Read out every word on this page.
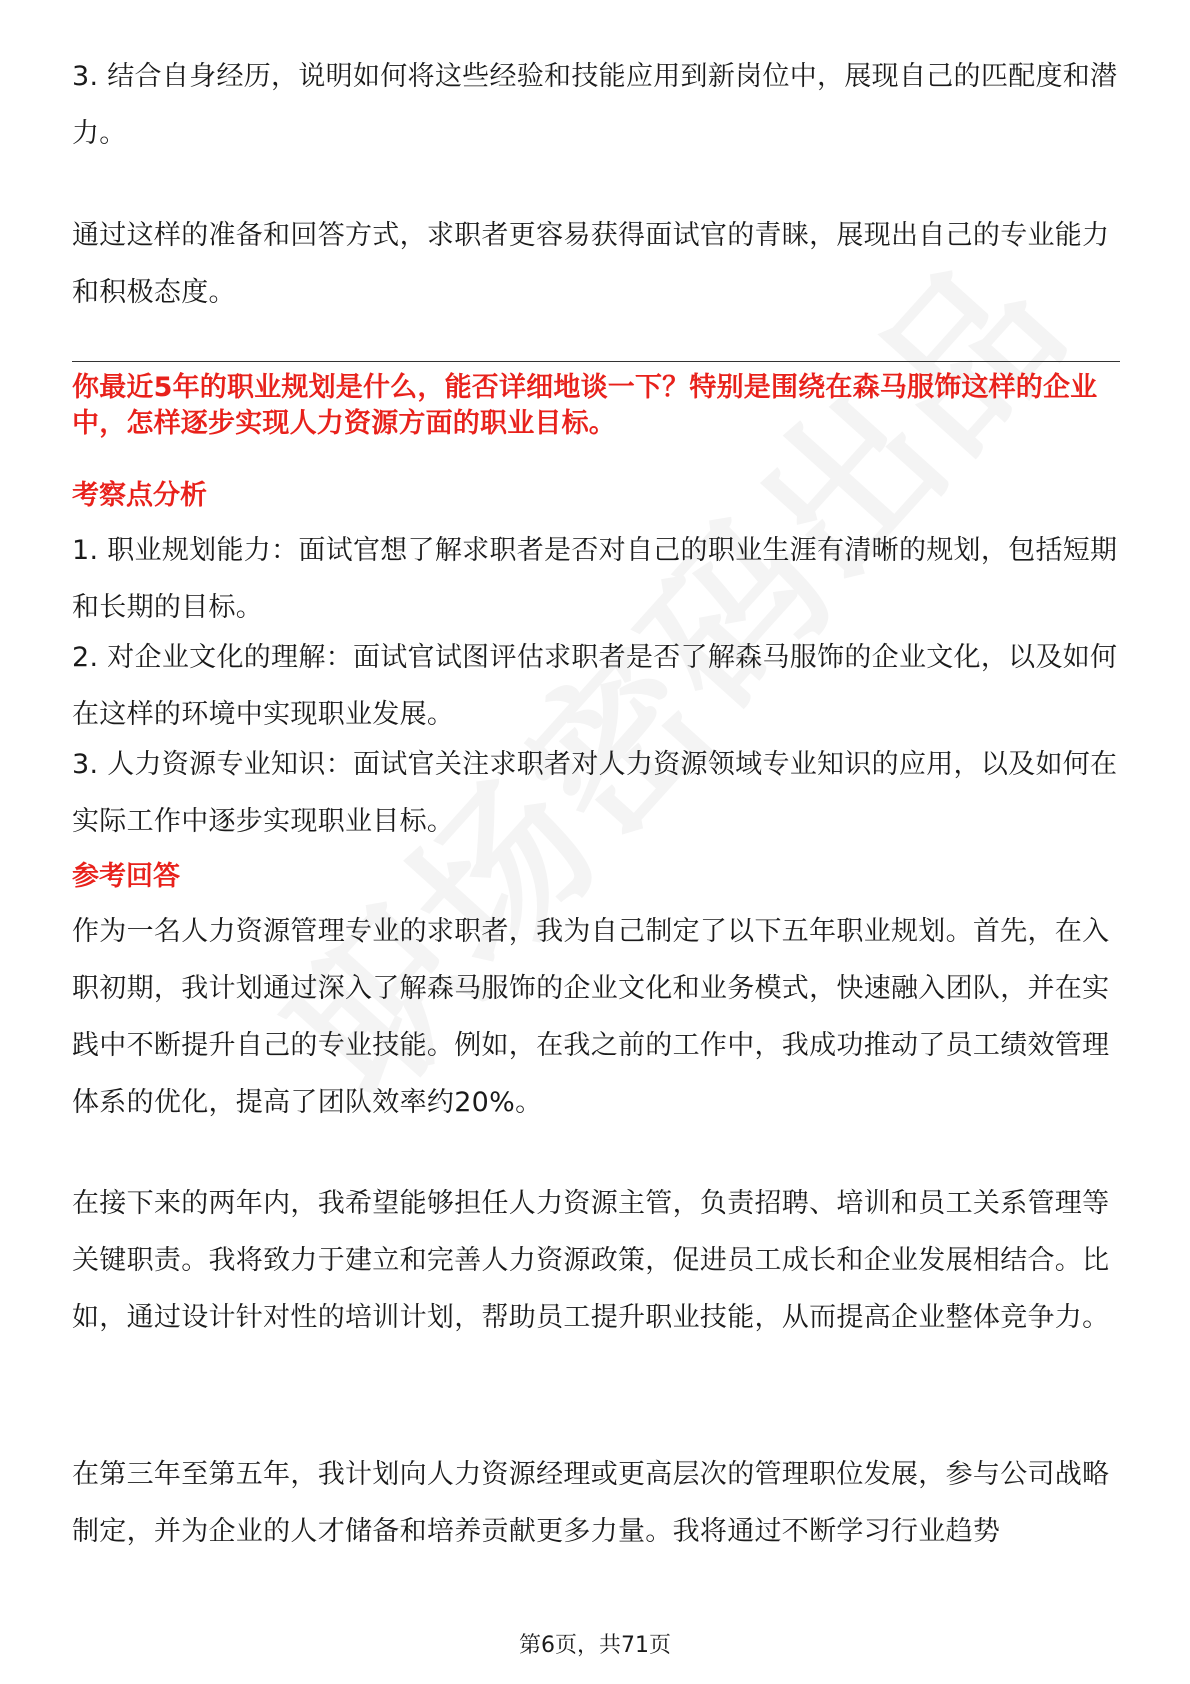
3. 结合自身经历，说明如何将这些经验和技能应用到新岗位中，展现自己的匹配度和潜力。

通过这样的准备和回答方式，求职者更容易获得面试官的青睐，展现出自己的专业能力和积极态度。

你最近5年的职业规划是什么，能否详细地谈一下？特别是围绕在森马服饰这样的企业中，怎样逐步实现人力资源方面的职业目标。

考察点分析

1. 职业规划能力：面试官想了解求职者是否对自己的职业生涯有清晰的规划，包括短期和长期的目标。

2. 对企业文化的理解：面试官试图评估求职者是否了解森马服饰的企业文化，以及如何在这样的环境中实现职业发展。

3. 人力资源专业知识：面试官关注求职者对人力资源领域专业知识的应用，以及如何在实际工作中逐步实现职业目标。

参考回答

作为一名人力资源管理专业的求职者，我为自己制定了以下五年职业规划。首先，在入职初期，我计划通过深入了解森马服饰的企业文化和业务模式，快速融入团队，并在实践中不断提升自己的专业技能。例如，在我之前的工作中，我成功推动了员工绩效管理体系的优化，提高了团队效率约20%。

在接下来的两年内，我希望能够担任人力资源主管，负责招聘、培训和员工关系管理等关键职责。我将致力于建立和完善人力资源政策，促进员工成长和企业发展相结合。比如，通过设计针对性的培训计划，帮助员工提升职业技能，从而提高企业整体竞争力。

在第三年至第五年，我计划向人力资源经理或更高层次的管理职位发展，参与公司战略制定，并为企业的人才储备和培养贡献更多力量。我将通过不断学习行业趋势

第6页，共71页
